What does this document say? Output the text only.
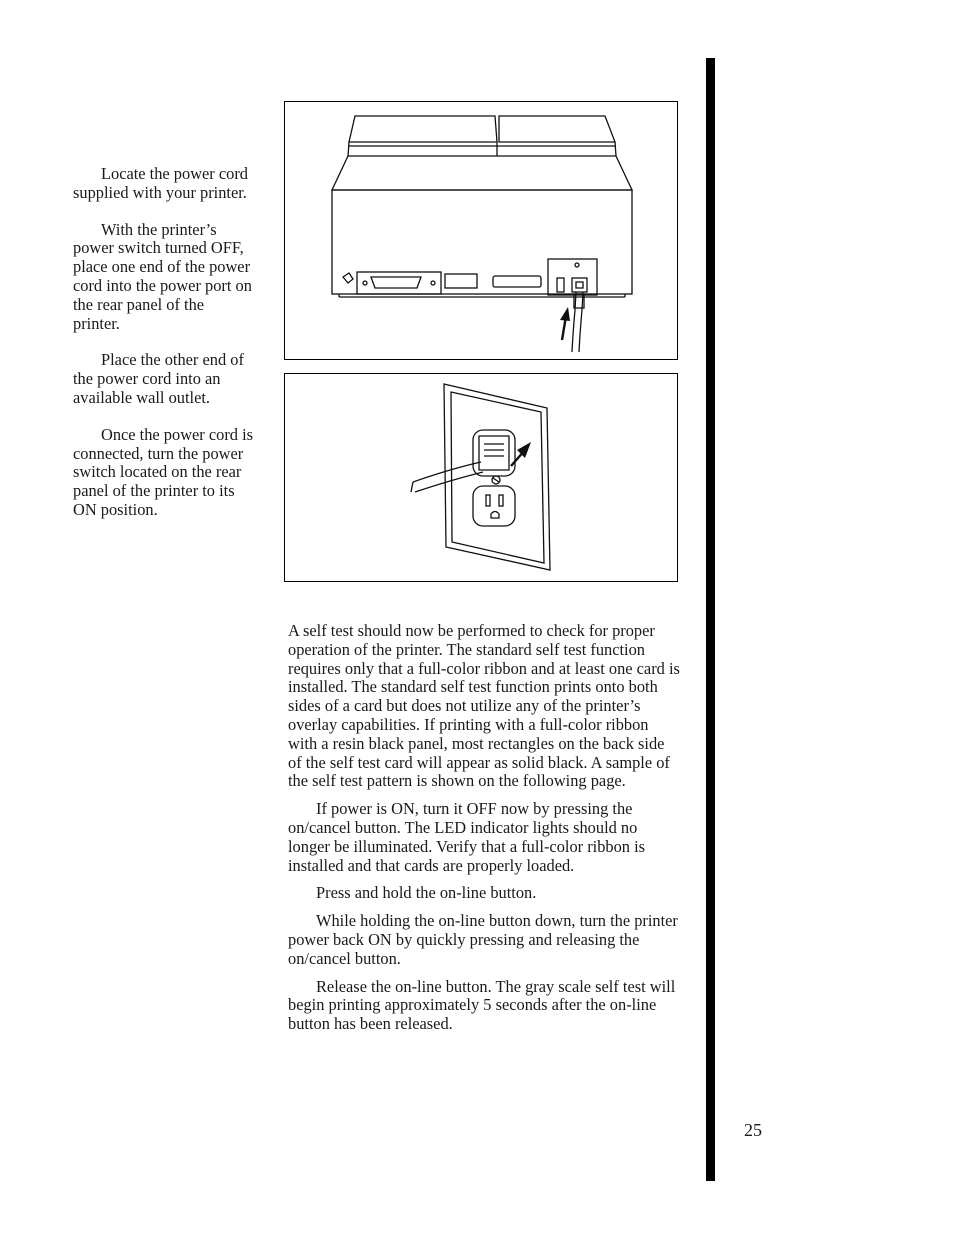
Locate the power cord supplied with your printer.

With the printer’s power switch turned OFF, place one end of the power cord into the power port on the rear panel of the printer.

Place the other end of the power cord into an available wall outlet.

Once the power cord is connected, turn the power switch located on the rear panel of the printer to its ON position.

A self test should now be performed to check for proper operation of the printer. The standard self test function requires only that a full-color ribbon and at least one card is installed. The standard self test function prints onto both sides of a card but does not utilize any of the printer’s overlay capabilities. If printing with a full-color ribbon with a resin black panel, most rectangles on the back side of the self test card will appear as solid black. A sample of the self test pattern is shown on the following page.

If power is ON, turn it OFF now by pressing the on/cancel button. The LED indicator lights should no longer be illuminated. Verify that a full-color ribbon is installed and that cards are properly loaded.

Press and hold the on-line button.

While holding the on-line button down, turn the printer power back ON by quickly pressing and releasing the on/cancel button.

Release the on-line button. The gray scale self test will begin printing approximately 5 seconds after the on-line button has been released.

25
